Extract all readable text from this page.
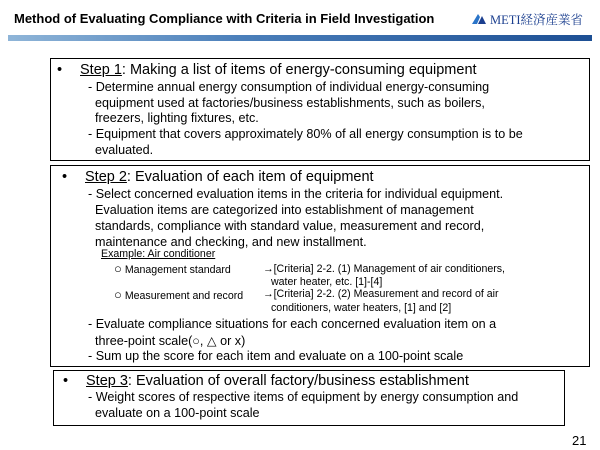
Method of Evaluating Compliance with Criteria in Field Investigation	METI経済産業省
• Step 1: Making a list of items of energy-consuming equipment
- Determine annual energy consumption of individual energy-consuming
equipment used at factories/business establishments, such as boilers,
freezers, lighting fixtures, etc.
- Equipment that covers approximately 80% of all energy consumption is to be
evaluated.
• Step 2: Evaluation of each item of equipment
- Select concerned evaluation items in the criteria for individual equipment.
Evaluation items are categorized into establishment of management
standards, compliance with standard value, measurement and record,
maintenance and checking, and new installment.
Example: Air conditioner
○ Management standard	→[Criteria] 2-2. (1) Management of air conditioners,
water heater, etc. [1]-[4]
○ Measurement and record →[Criteria] 2-2. (2) Measurement and record of air
conditioners, water heaters, [1] and [2]
- Evaluate compliance situations for each concerned evaluation item on a
three-point scale(○, △ or x)
- Sum up the score for each item and evaluate on a 100-point scale
• Step 3: Evaluation of overall factory/business establishment
- Weight scores of respective items of equipment by energy consumption and
evaluate on a 100-point scale
21
